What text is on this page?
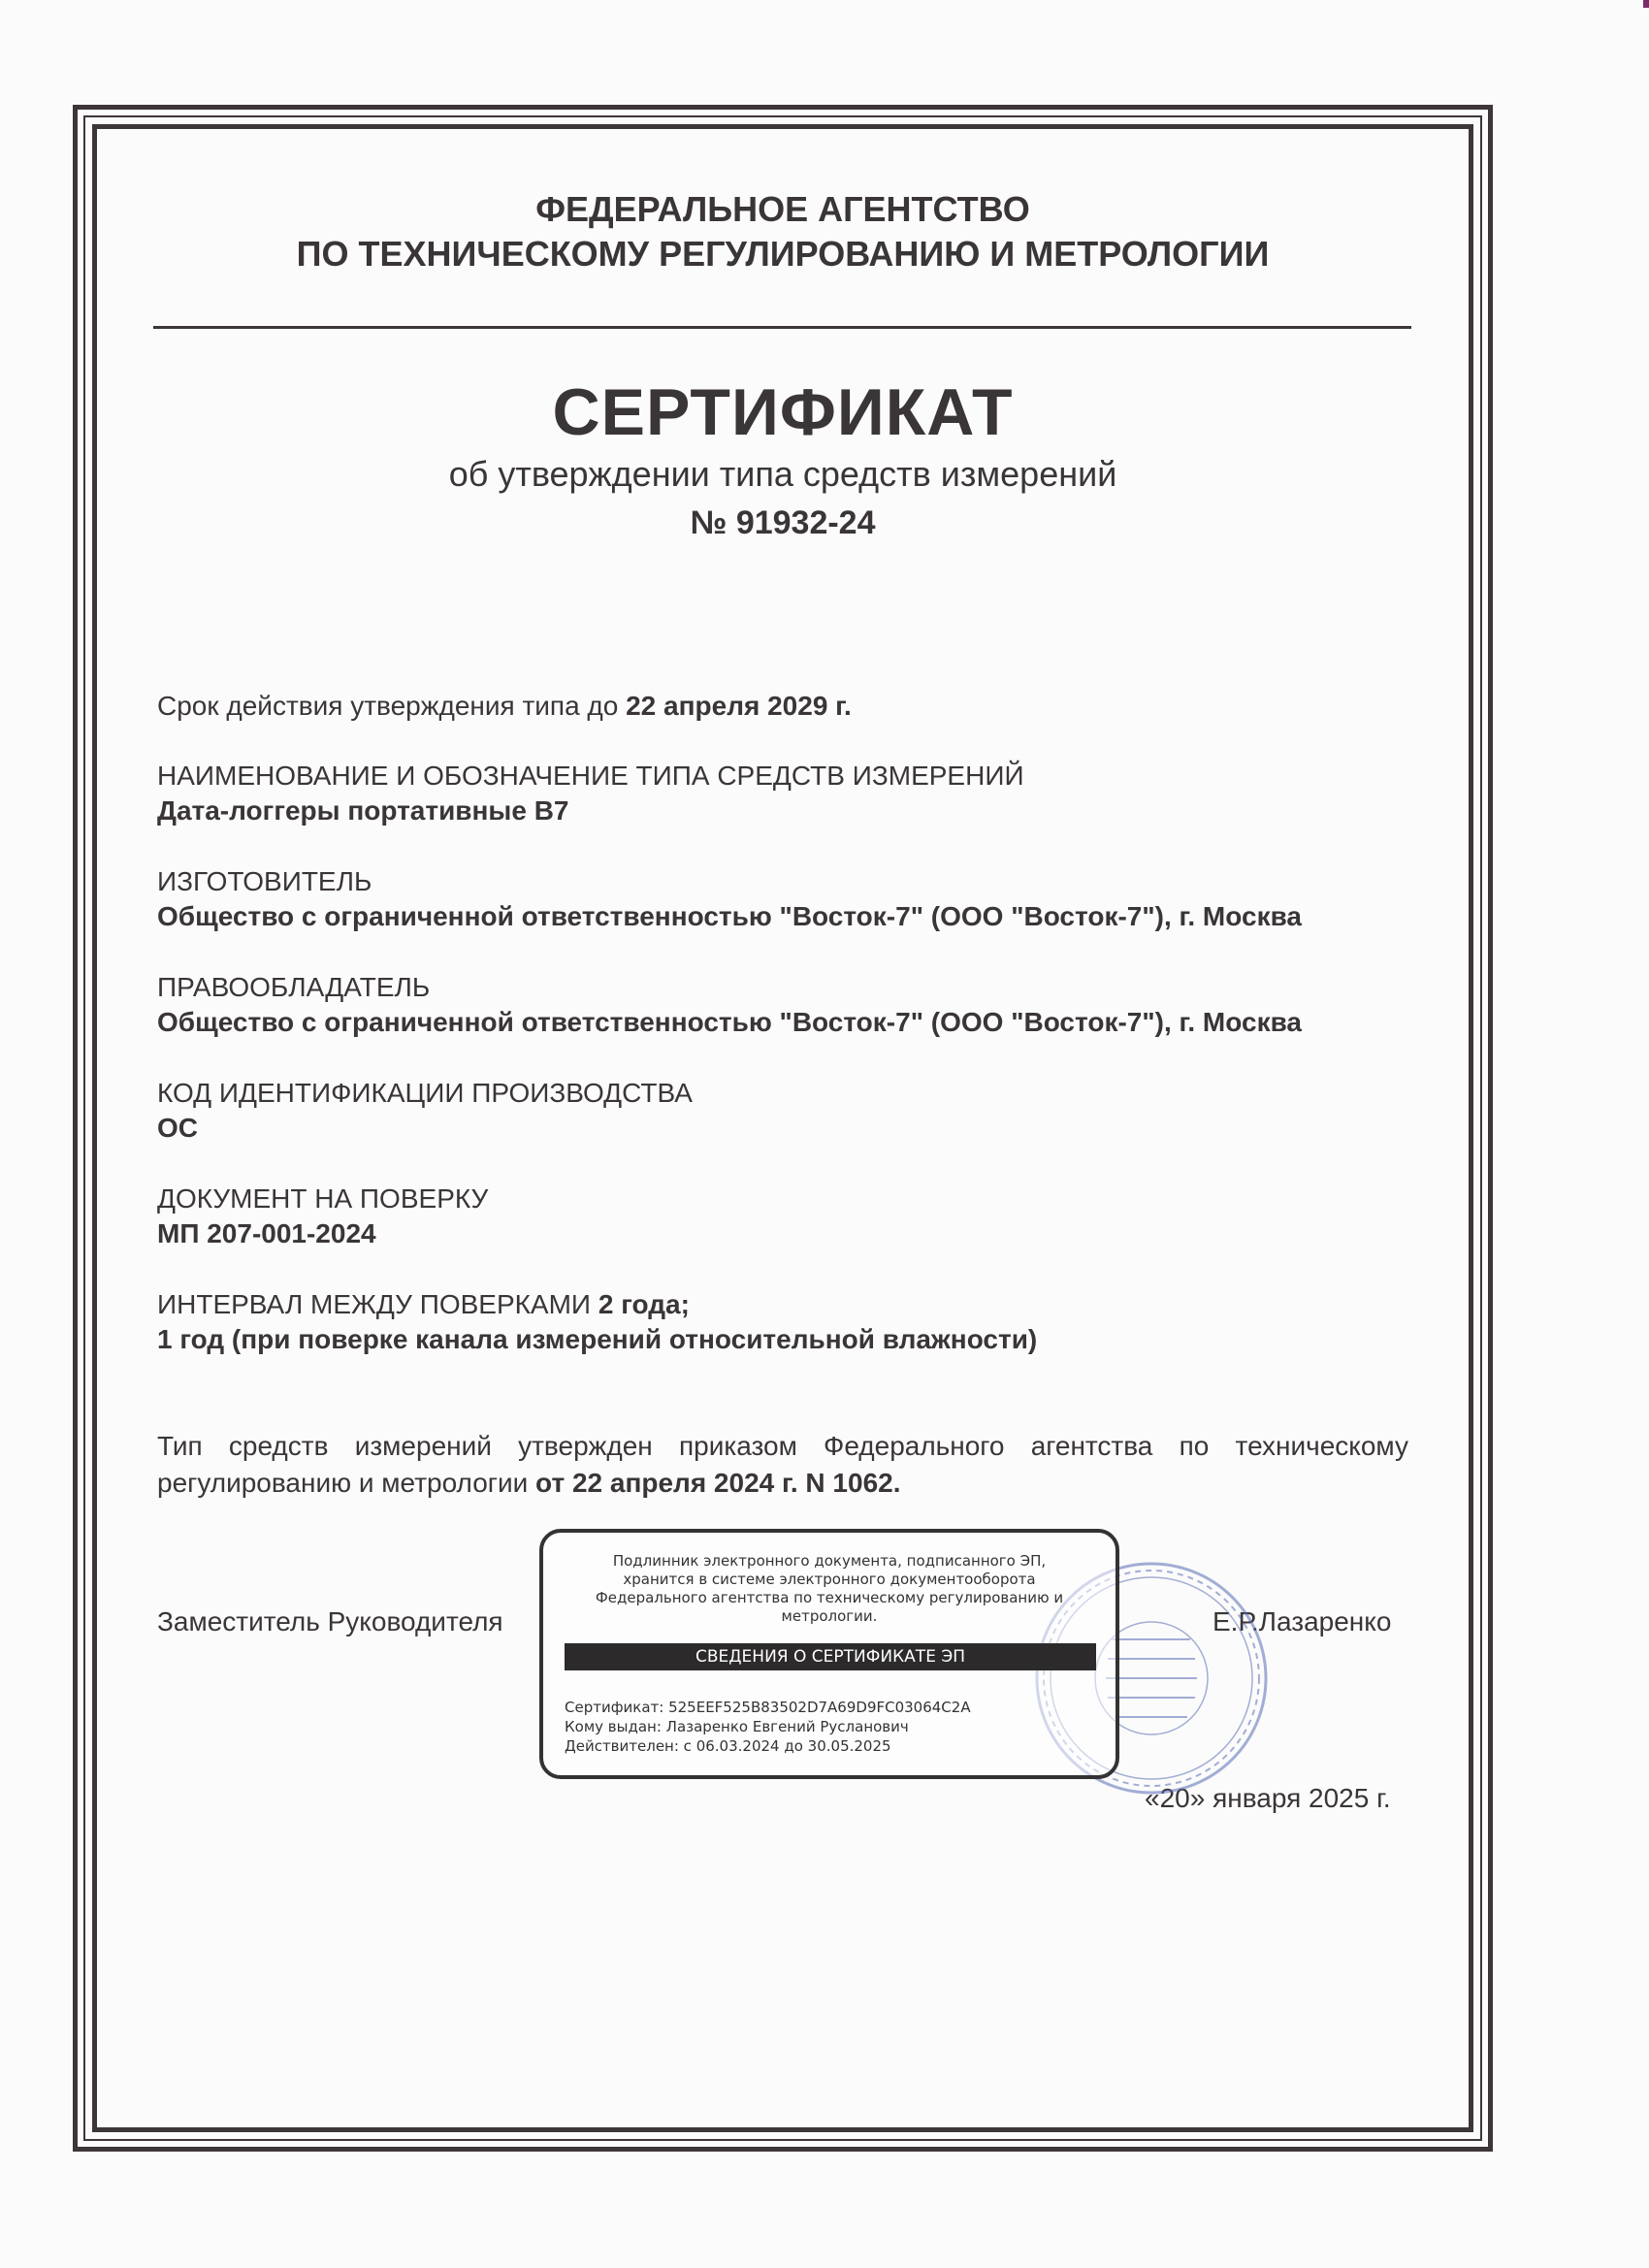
ФЕДЕРАЛЬНОЕ АГЕНТСТВО
ПО ТЕХНИЧЕСКОМУ РЕГУЛИРОВАНИЮ И МЕТРОЛОГИИ
СЕРТИФИКАТ
об утверждении типа средств измерений
№ 91932-24
Срок действия утверждения типа до 22 апреля 2029 г.
НАИМЕНОВАНИЕ И ОБОЗНАЧЕНИЕ ТИПА СРЕДСТВ ИЗМЕРЕНИЙ
Дата-логгеры портативные B7
ИЗГОТОВИТЕЛЬ
Общество с ограниченной ответственностью "Восток-7" (ООО "Восток-7"), г. Москва
ПРАВООБЛАДАТЕЛЬ
Общество с ограниченной ответственностью "Восток-7" (ООО "Восток-7"), г. Москва
КОД ИДЕНТИФИКАЦИИ ПРОИЗВОДСТВА
ОС
ДОКУМЕНТ НА ПОВЕРКУ
МП 207-001-2024
ИНТЕРВАЛ МЕЖДУ ПОВЕРКАМИ 2 года;
1 год (при поверке канала измерений относительной влажности)
Тип средств измерений утвержден приказом Федерального агентства по техническому
регулированию и метрологии от 22 апреля 2024 г. N 1062.
Заместитель Руководителя	Е.Р.Лазаренко
«20» января 2025 г.
Подлинник электронного документа, подписанного ЭП,
хранится в системе электронного документооборота
Федерального агентства по техническому регулированию и
метрологии.
СВЕДЕНИЯ О СЕРТИФИКАТЕ ЭП
Сертификат: 525EEF525B83502D7A69D9FC03064C2A
Кому выдан: Лазаренко Евгений Русланович
Действителен: с 06.03.2024 до 30.05.2025
